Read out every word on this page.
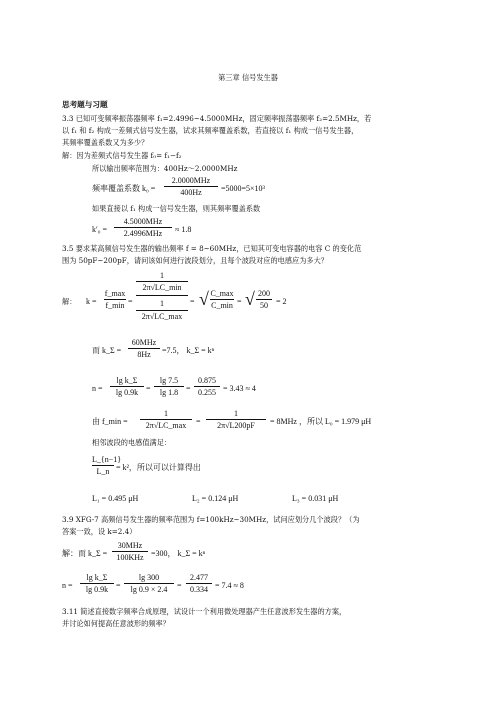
第三章 信号发生器
思考题与习题
3.3 已知可变频率振荡器频率 f₁=2.4996~4.5000MHz，固定频率振荡器频率 f₂=2.5MHz，若
以 f₁ 和 f₂ 构成一差频式信号发生器，试求其频率覆盖系数，若直接以 f₁ 构成一信号发生器，
其频率覆盖系数又为多少？
解：因为差频式信号发生器 f₀= f₁−f₂
所以输出频率范围为：400Hz～2.0000MHz
频率覆盖系数 k₀ =
2.0000MHz
400Hz	=5000=5×10³
如果直接以 f₁ 构成一信号发生器，则其频率覆盖系数
k′₀ =
4.5000MHz
2.4996MHz	≈ 1.8
3.5 要求某高频信号发生器的输出频率 f = 8~60MHz，已知其可变电容器的电容 C 的变化范
围为 50pF~200pF，请问该如何进行波段划分，且每个波段对应的电感应为多大？
解： k =
f_max
f_min =
1
2π√LC_min
1
2π√LC_max
= √ C_max
C_min = √ 200
50	= 2
而 k_Σ =
60MHz
8Hz	=7.5， k_Σ = kⁿ
n =
lg k_Σ
lg 0.9k =
lg 7.5
lg 1.8 =
0.875
0.255 = 3.43 ≈ 4
由 f_min =
1
2π√LC_max	=
1
2π√L200pF	= 8MHz ，所以 L₀ = 1.979 μH
相邻波段的电感值满足：
L_{n−1}
L_n = k²，所以可以计算得出
L₁ = 0.495 μH	L₂ = 0.124 μH	L₃ = 0.031 μH
3.9 XFG-7 高频信号发生器的频率范围为 f=100kHz~30MHz，试问应划分几个波段？（为
答案一致，设 k=2.4）
解：而 k_Σ =
30MHz
100KHz =300， k_Σ = kⁿ
n =
lg k_Σ
lg 0.9k =
lg 300
lg 0.9 × 2.4	=
2.477
0.334 = 7.4 ≈ 8
3.11 简述直接数字频率合成原理，试设计一个利用微处理器产生任意波形发生器的方案，
并讨论如何提高任意波形的频率？
